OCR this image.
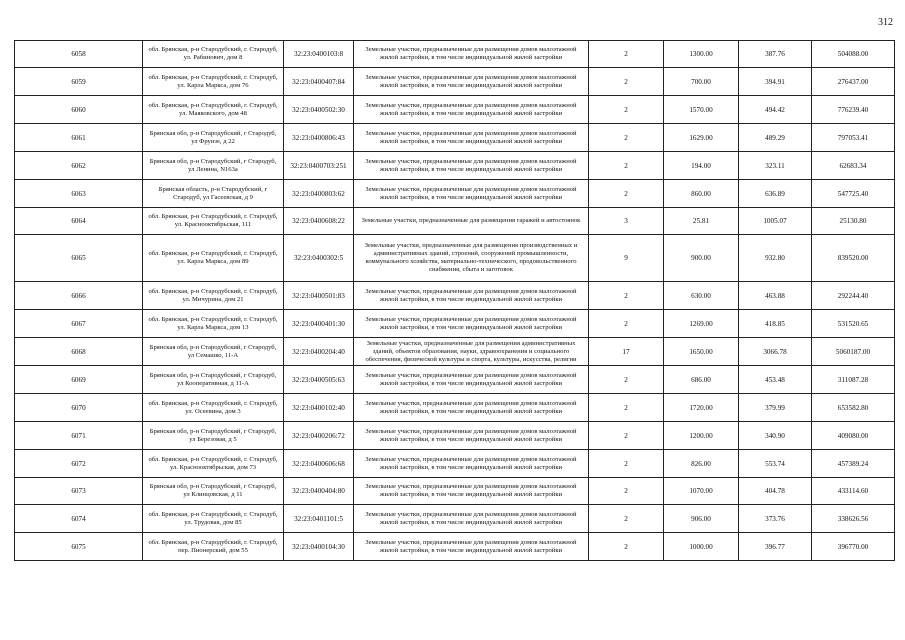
312
6058	обл. Брянская, р-н Стародубский, г. Стародуб, ул. Рабинович, дом 8	32:23:0400103:8	Земельные участки, предназначенные для размещения домов малоэтажной жилой застройки, в том числе индивидуальной жилой застройки	2	1300.00	387.76	504088.00
6059	обл. Брянская, р-н Стародубский, г. Стародуб, ул. Карла Маркса, дом 76	32:23:0400407:84	Земельные участки, предназначенные для размещения домов малоэтажной жилой застройки, в том числе индивидуальной жилой застройки	2	700.00	394.91	276437.00
6060	обл. Брянская, р-н Стародубский, г. Стародуб, ул. Маяковского, дом 48	32:23:0400502:30	Земельные участки, предназначенные для размещения домов малоэтажной жилой застройки, в том числе индивидуальной жилой застройки	2	1570.00	494.42	776239.40
6061	Брянская обл, р-н Стародубский, г Стародуб, ул Фрунзе, д 22	32:23:0400806:43	Земельные участки, предназначенные для размещения домов малоэтажной жилой застройки, в том числе индивидуальной жилой застройки	2	1629.00	489.29	797053.41
6062	Брянская обл, р-н Стародубский, г Стародуб, ул Ленина, N163а	32:23:0400703:251	Земельные участки, предназначенные для размещения домов малоэтажной жилой застройки, в том числе индивидуальной жилой застройки	2	194.00	323.11	62683.34
6063	Брянская область, р-н Стародубский, г Стародуб, ул Гасеевская, д 9	32:23:0400803:62	Земельные участки, предназначенные для размещения домов малоэтажной жилой застройки, в том числе индивидуальной жилой застройки	2	860.00	636.89	547725.40
6064	обл. Брянская, р-н Стародубский, г. Стародуб, ул. Красноoктябрьская, 111	32:23:0400608:22	Земельные участки, предназначенные для размещения гаражей и автостоянок	3	25.81	1005.07	25130.80
6065	обл. Брянская, р-н Стародубский, г. Стародуб, ул. Карла Маркса, дом 89	32:23:0400302:5	Земельные участки, предназначенные для размещения производственных и административных зданий, строений, сооружений промышленности, коммунального хозяйства, материально-технического, продовольственного снабжения, сбыта и заготовок	9	900.00	932.80	839520.00
6066	обл. Брянская, р-н Стародубский, г. Стародуб, ул. Мичурина, дом 21	32:23:0400501:83	Земельные участки, предназначенные для размещения домов малоэтажной жилой застройки, в том числе индивидуальной жилой застройки	2	630.00	463.88	292244.40
6067	обл. Брянская, р-н Стародубский, г. Стародуб, ул. Карла Маркса, дом 13	32:23:0400401:30	Земельные участки, предназначенные для размещения домов малоэтажной жилой застройки, в том числе индивидуальной жилой застройки	2	1269.00	418.85	531520.65
6068	Брянская обл, р-н Стародубский, г Стародуб, ул Семашко, 11-А	32:23:0400204:40	Земельные участки, предназначенные для размещения административных зданий, объектов образования, науки, здравоохранения и социального обеспечения, физической культуры и спорта, культуры, искусства, религии	17	1650.00	3066.78	5060187.00
6069	Брянская обл, р-н Стародубский, г Стародуб, ул Кооперативная, д 11-А	32:23:0400505:63	Земельные участки, предназначенные для размещения домов малоэтажной жилой застройки, в том числе индивидуальной жилой застройки	2	686.00	453.48	311087.28
6070	обл. Брянская, р-н Стародубский, г. Стародуб, ул. Осеевина, дом 3	32:23:0400102:40	Земельные участки, предназначенные для размещения домов малоэтажной жилой застройки, в том числе индивидуальной жилой застройки	2	1720.00	379.99	653582.80
6071	Брянская обл, р-н Стародубский, г Стародуб, ул Березовая, д 5	32:23:0400206:72	Земельные участки, предназначенные для размещения домов малоэтажной жилой застройки, в том числе индивидуальной жилой застройки	2	1200.00	340.90	409080.00
6072	обл. Брянская, р-н Стародубский, г. Стародуб, ул. Красноoктябрьская, дом 73	32:23:0400606:68	Земельные участки, предназначенные для размещения домов малоэтажной жилой застройки, в том числе индивидуальной жилой застройки	2	826.00	553.74	457389.24
6073	Брянская обл, р-н Стародубский, г Стародуб, ул Клинцовская, д 11	32:23:0400404:80	Земельные участки, предназначенные для размещения домов малоэтажной жилой застройки, в том числе индивидуальной жилой застройки	2	1070.00	404.78	433114.60
6074	обл. Брянская, р-н Стародубский, г. Стародуб, ул. Трудовая, дом 85	32:23:0401101:5	Земельные участки, предназначенные для размещения домов малоэтажной жилой застройки, в том числе индивидуальной жилой застройки	2	906.00	373.76	338626.56
6075	обл. Брянская, р-н Стародубский, г. Стародуб, пер. Пионерский, дом 55	32:23:0400104:30	Земельные участки, предназначенные для размещения домов малоэтажной жилой застройки, в том числе индивидуальной жилой застройки	2	1000.00	396.77	396770.00
